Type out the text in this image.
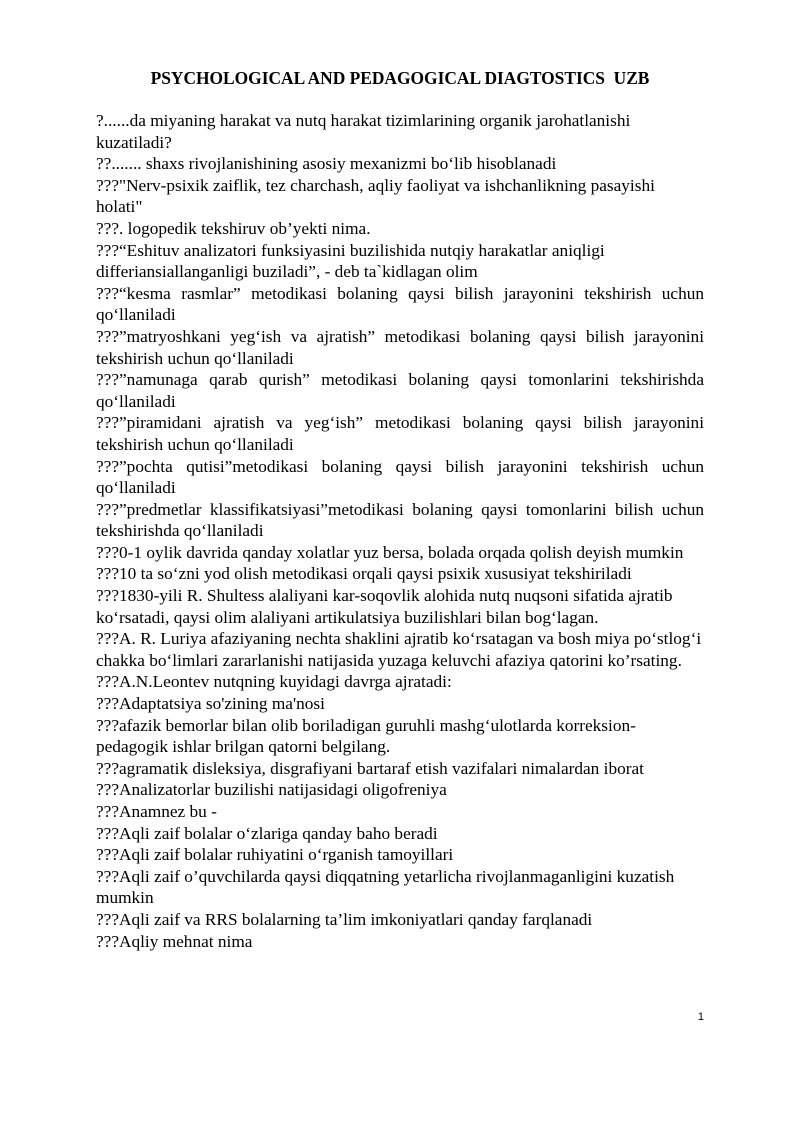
PSYCHOLOGICAL AND PEDAGOGICAL DIAGTOSTICS  UZB

?......da miyaning harakat va nutq harakat tizimlarining organik jarohatlanishi kuzatiladi?

??....... shaxs rivojlanishining asosiy mexanizmi bo‘lib hisoblanadi

???"Nerv-psixik zaiflik, tez charchash, aqliy faoliyat va ishchanlikning pasayishi holati"

???. logopedik tekshiruv ob’yekti nima.

???“Eshituv analizatori funksiyasini buzilishida nutqiy harakatlar aniqligi differiansiallanganligi buziladi”, - deb ta`kidlagan olim

???“kesma rasmlar” metodikasi bolaning qaysi bilish jarayonini tekshirish uchun qo‘llaniladi

???”matryoshkani yeg‘ish va ajratish” metodikasi bolaning qaysi bilish jarayonini tekshirish uchun qo‘llaniladi

???”namunaga qarab qurish” metodikasi bolaning qaysi tomonlarini tekshirishda qo‘llaniladi

???”piramidani ajratish va yeg‘ish” metodikasi bolaning qaysi bilish jarayonini tekshirish uchun qo‘llaniladi

???”pochta qutisi”metodikasi bolaning qaysi bilish jarayonini tekshirish uchun qo‘llaniladi

???”predmetlar klassifikatsiyasi”metodikasi bolaning qaysi tomonlarini bilish uchun tekshirishda qo‘llaniladi

???0-1 oylik davrida qanday xolatlar yuz bersa, bolada orqada qolish deyish mumkin

???10 ta so‘zni yod olish metodikasi orqali qaysi psixik xususiyat tekshiriladi

???1830-yili R. Shultess alaliyani kar-soqovlik alohida nutq nuqsoni sifatida ajratib ko‘rsatadi, qaysi olim alaliyani artikulatsiya buzilishlari bilan bog‘lagan.

???A. R. Luriya afaziyaning nechta shaklini ajratib ko‘rsatagan va bosh miya po‘stlog‘i chakka bo‘limlari zararlanishi natijasida yuzaga keluvchi afaziya qatorini ko’rsating.

???A.N.Leontev nutqning kuyidagi davrga ajratadi:

???Adaptatsiya so'zining ma'nosi

???afazik bemorlar bilan olib boriladigan guruhli mashg‘ulotlarda korreksion-pedagogik ishlar brilgan qatorni belgilang.

???agramatik disleksiya, disgrafiyani bartaraf etish vazifalari nimalardan iborat

???Analizatorlar buzilishi natijasidagi oligofreniya

???Anamnez bu -

???Aqli zaif bolalar o‘zlariga qanday baho beradi

???Aqli zaif bolalar ruhiyatini o‘rganish tamoyillari

???Aqli zaif o’quvchilarda qaysi diqqatning yetarlicha rivojlanmaganligini kuzatish mumkin

???Aqli zaif va RRS bolalarning ta’lim imkoniyatlari qanday farqlanadi

???Aqliy mehnat nima

1
